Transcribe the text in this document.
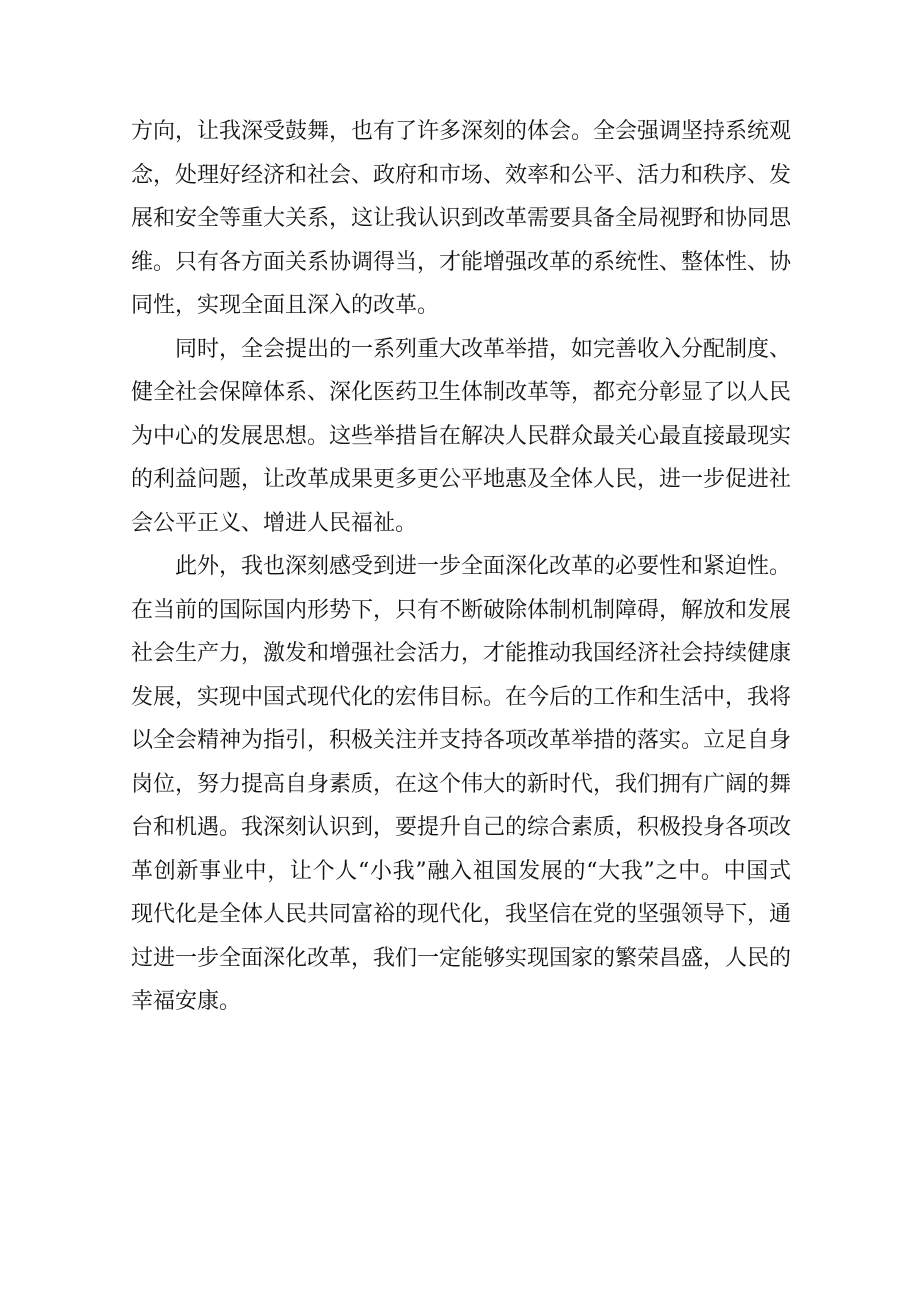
方向，让我深受鼓舞，也有了许多深刻的体会。全会强调坚持系统观念，处理好经济和社会、政府和市场、效率和公平、活力和秩序、发展和安全等重大关系，这让我认识到改革需要具备全局视野和协同思维。只有各方面关系协调得当，才能增强改革的系统性、整体性、协同性，实现全面且深入的改革。

同时，全会提出的一系列重大改革举措，如完善收入分配制度、健全社会保障体系、深化医药卫生体制改革等，都充分彰显了以人民为中心的发展思想。这些举措旨在解决人民群众最关心最直接最现实的利益问题，让改革成果更多更公平地惠及全体人民，进一步促进社会公平正义、增进人民福祉。

此外，我也深刻感受到进一步全面深化改革的必要性和紧迫性。在当前的国际国内形势下，只有不断破除体制机制障碍，解放和发展社会生产力，激发和增强社会活力，才能推动我国经济社会持续健康发展，实现中国式现代化的宏伟目标。在今后的工作和生活中，我将以全会精神为指引，积极关注并支持各项改革举措的落实。立足自身岗位，努力提高自身素质，在这个伟大的新时代，我们拥有广阔的舞台和机遇。我深刻认识到，要提升自己的综合素质，积极投身各项改革创新事业中，让个人“小我”融入祖国发展的“大我”之中。中国式现代化是全体人民共同富裕的现代化，我坚信在党的坚强领导下，通过进一步全面深化改革，我们一定能够实现国家的繁荣昌盛，人民的幸福安康。
